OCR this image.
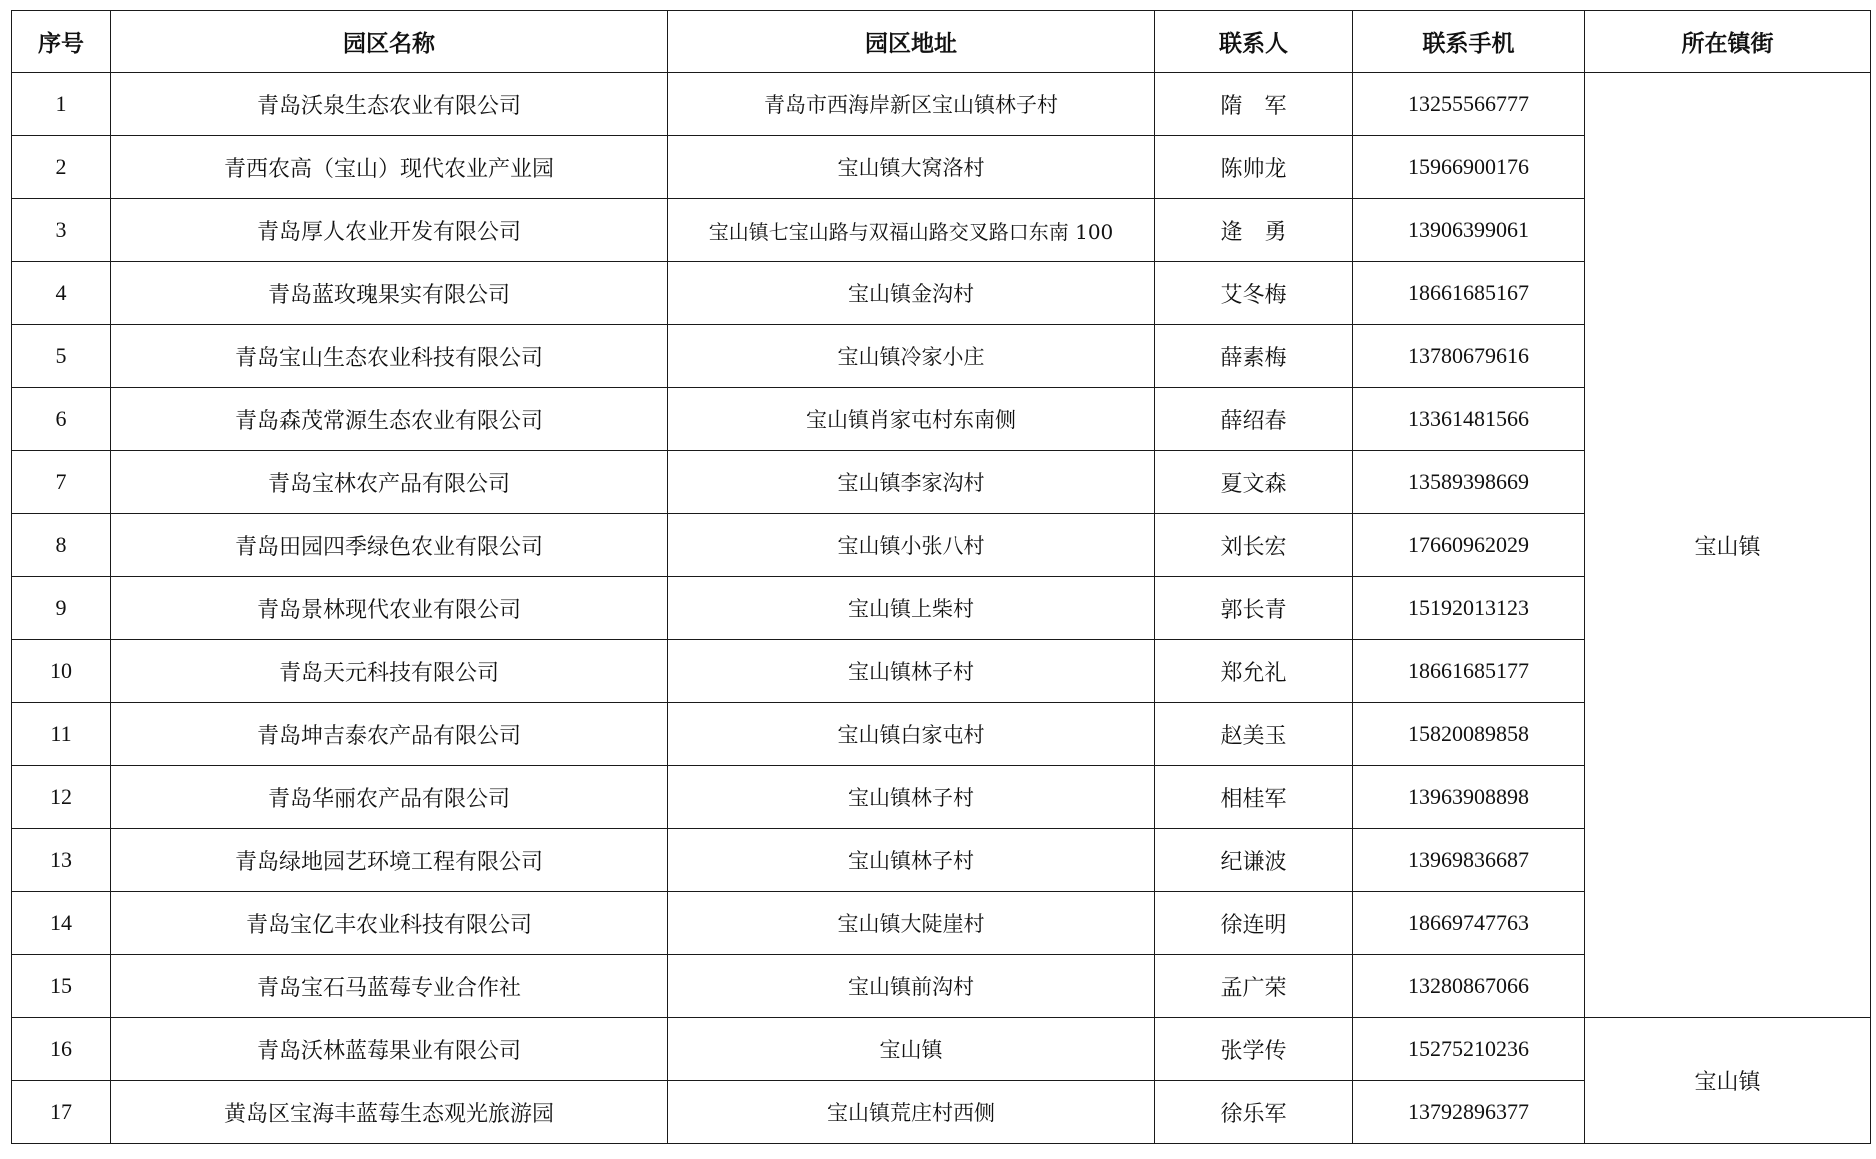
序号	园区名称	园区地址	联系人	联系手机	所在镇街
1	青岛沃泉生态农业有限公司	青岛市西海岸新区宝山镇林子村	隋　军	13255566777	宝山镇
2	青西农高（宝山）现代农业产业园	宝山镇大窝洛村	陈帅龙	15966900176	
3	青岛厚人农业开发有限公司	宝山镇七宝山路与双福山路交叉路口东南 100	逄　勇	13906399061	
4	青岛蓝玫瑰果实有限公司	宝山镇金沟村	艾冬梅	18661685167	
5	青岛宝山生态农业科技有限公司	宝山镇冷家小庄	薛素梅	13780679616	
6	青岛森茂常源生态农业有限公司	宝山镇肖家屯村东南侧	薛绍春	13361481566	
7	青岛宝林农产品有限公司	宝山镇李家沟村	夏文森	13589398669	
8	青岛田园四季绿色农业有限公司	宝山镇小张八村	刘长宏	17660962029	
9	青岛景林现代农业有限公司	宝山镇上柴村	郭长青	15192013123	
10	青岛天元科技有限公司	宝山镇林子村	郑允礼	18661685177	
11	青岛坤吉泰农产品有限公司	宝山镇白家屯村	赵美玉	15820089858	
12	青岛华丽农产品有限公司	宝山镇林子村	相桂军	13963908898	
13	青岛绿地园艺环境工程有限公司	宝山镇林子村	纪谦波	13969836687	
14	青岛宝亿丰农业科技有限公司	宝山镇大陡崖村	徐连明	18669747763	
15	青岛宝石马蓝莓专业合作社	宝山镇前沟村	孟广荣	13280867066	
16	青岛沃林蓝莓果业有限公司	宝山镇	张学传	15275210236	宝山镇
17	黄岛区宝海丰蓝莓生态观光旅游园	宝山镇荒庄村西侧	徐乐军	13792896377	
